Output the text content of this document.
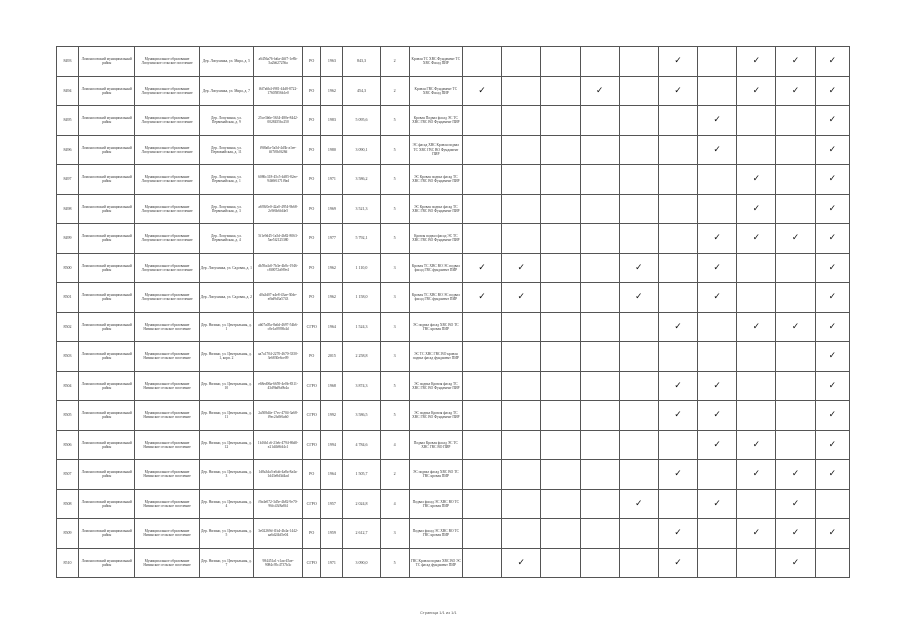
8493	Ломоносовский муниципальный район	Муниципальное образование Лопухинское сельское поселение	Дер. Лопухинка, ул. Мира, д. 5	a6456a76-fa6a-4fff7-1e8b-5a2b627256a	РО	1963	843,3	2	Кровля ТС ХВС Фундамент ТС ХВС Фасад ПИР						✓		✓	✓	✓
8494	Ломоносовский муниципальный район	Муниципальное образование Лопухинское сельское поселение	Дер. Лопухинка, ул. Мира, д. 7	f6f7a6b4-f981-44d8-8722-17605856b1e0	РО	1962	454,3	2	Кровля ГВС Фундамент ТС ХВС Фасад ПИР	✓			✓		✓		✓	✓	✓
8495	Ломоносовский муниципальный район	Муниципальное образование Лопухинское сельское поселение	Дер. Лопухинка, ул. Первомайская, д. 9	25ce3b6e-5634-480e-8442-0028455bc250	РО	1983	5 095,6	5	Кровля Подвал фасад ЭС ТС ХВС ГВС ВО Фундамент ПИР							✓			✓
8496	Ломоносовский муниципальный район	Муниципальное образование Лопухинское сельское поселение	Дер. Лопухинка, ул. Первомайская, д. 11	f9f8a0a-5a5d-4d3b-a1ee-fff7f0b0f28d	РО	1980	3 090,1	5	ЭС фасад ХВС Кровля подвал ТС ХВС ГВС ВО Фундамент ПИР							✓			✓
8497	Ломоносовский муниципальный район	Муниципальное образование Лопухинское сельское поселение	Дер. Лопухинка, ул. Первомайская, д. 1	6086c318-45c5-4d85-82ee-94b9f6171f9ad	РО	1971	3 586,2	5	ЭС Кровля подвал фасад ТС ХВС ГВС ВО Фундамент ПИР								✓		✓
8498	Ломоносовский муниципальный район	Муниципальное образование Лопухинское сельское поселение	Дер. Лопухинка, ул. Первомайская, д. 3	a693f0e0-42a0-4954-9b68-2c9f6b6fd4e5	РО	1969	3 521,3	5	ЭС Кровля подвал фасад ТС ХВС ГВС ВО Фундамент ПИР								✓		✓
8499	Ломоносовский муниципальный район	Муниципальное образование Лопухинское сельское поселение	Дер. Лопухинка, ул. Первомайская, д. 4	5f1e9d45-1a5d-4b82-8063-5ae5f2125380	РО	1977	5 792,1	5	Кровля подвал фасад ЭС ТС ХВС ГВС ВО Фундамент ПИР							✓	✓	✓	✓
8500	Ломоносовский муниципальный район	Муниципальное образование Лопухинское сельское поселение	Дер. Лопухинка, ул. Садовая, д. 1	db59a4c0-7b3e-4b8c-1946-c8f0072a9f9e4	РО	1962	1 110,0	3	Кровля ТС ХВС ВО ЭС подвал фасад ГВС фундамент ПИР	✓	✓			✓		✓			✓
8501	Ломоносовский муниципальный район	Муниципальное образование Лопухинское сельское поселение	Дер. Лопухинка, ул. Садовая, д. 2	d0a3d07-a4e8-43ae-30de-efbd9d3a5743	РО	1962	1 158,0	3	Кровля ТС ХВС ВО ЭС подвал фасад ГВС фундамент ПИР	✓	✓			✓		✓			✓
8502	Ломоносовский муниципальный район	Муниципальное образование Низинское сельское поселение	Дер. Низино, ул. Центральная, д. 1	ab07a05a-8a6d-4697-54b6-c0e1a0939b4d	СГРО	1964	1 524,3	3	ЭС подвал фасад ХВС ВО ТС ГВС кровля ПИР						✓		✓	✓	✓
8503	Ломоносовский муниципальный район	Муниципальное образование Низинское сельское поселение	Дер. Низино, ул. Центральная, д. 1, корп. 2	aa7a1704-2270-4670-3350-3e6830e6ce09	РО	2015	2 258,8	3	ЭС ТС ХВС ГВС ВО кровля подвал фасад фундамент ПИР										✓
8504	Ломоносовский муниципальный район	Муниципальное образование Низинское сельское поселение	Дер. Низино, ул. Центральная, д. 10	e68ed06a-6659-4e0b-8311-43d9bd9a9b4a	СГРО	1968	3 874,3	5	ЭС подвал Кровля фасад ТС ХВС ГВС ВО Фундамент ПИР						✓	✓			✓
8505	Ломоносовский муниципальный район	Муниципальное образование Низинское сельское поселение	Дер. Низино, ул. Центральная, д. 11	2a508d4e-17ec-4704-3a68-f9ec2fa9f6ab0	СГРО	1992	3 586,5	5	ЭС подвал Кровля фасад ТС ХВС ГВС ВО Фундамент ПИР						✓	✓			✓
8506	Ломоносовский муниципальный район	Муниципальное образование Низинское сельское поселение	Дер. Низино, ул. Центральная, д. 12	1b16b1c6-23eb-4794-86d0-e21d4b9fd4c1	СГРО	1994	4 784,6	4	Подвал Кровля фасад ЭС ТС ХВС ГВС ВО ПИР							✓	✓		✓
8507	Ломоносовский муниципальный район	Муниципальное образование Низинское сельское поселение	Дер. Низино, ул. Центральная, д. 3	1d8a3da3-a6ab-4a8a-8a4a-1d43e8d3d4ad	РО	1964	1 505,7	2	ЭС подвал фасад ХВС ВО ТС ГВС кровля ПИР						✓		✓	✓	✓
8508	Ломоносовский муниципальный район	Муниципальное образование Низинское сельское поселение	Дер. Низино, ул. Центральная, д. 4	f9a4e072-3d5e-4b82-9e70-96fc43f8a8f4	СГРО	1957	2 024,8	4	Подвал фасад ЭС ХВС ВО ТС ГВС кровля ПИР					✓		✓		✓	
8509	Ломоносовский муниципальный район	Муниципальное образование Низинское сельское поселение	Дер. Низино, ул. Центральная, д. 5	3e02269d-f1b4-4b4a-1442-aa6d2f4d5e04	РО	1959	2 612,7	3	Подвал фасад ЭС ХВС ВО ТС ГВС кровля ПИР						✓		✓	✓	✓
8510	Ломоносовский муниципальный район	Муниципальное образование Низинское сельское поселение	Дер. Низино, ул. Центральная, д. 7	984451a1-c1aa-45ae-9084c95c4737b3c	СГРО	1971	3 090,0	5	ГВС Кровля подвал ХВС ВО ЭС ТС фасад фундамент ПИР		✓				✓			✓	
Страница 1/1 из 1/1
